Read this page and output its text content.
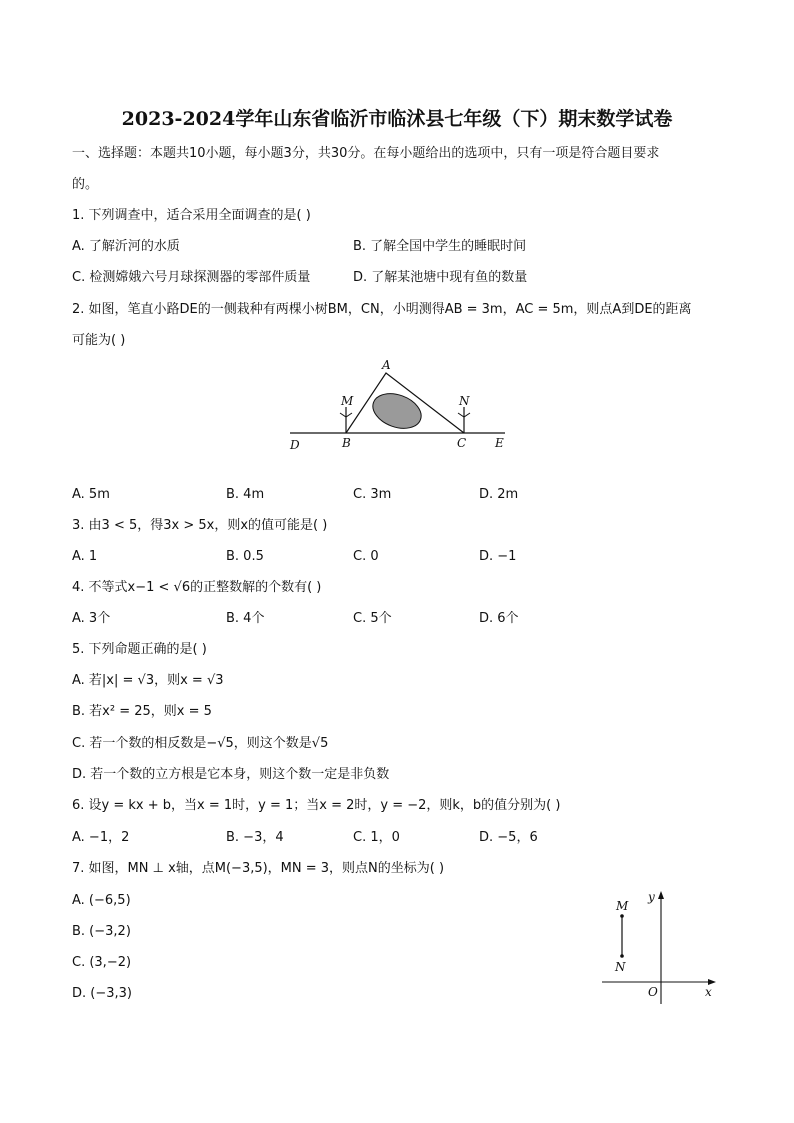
2023-2024学年山东省临沂市临沭县七年级（下）期末数学试卷
一、选择题：本题共10小题，每小题3分，共30分。在每小题给出的选项中，只有一项是符合题目要求
的。
1. 下列调查中，适合采用全面调查的是( )
A. 了解沂河的水质	B. 了解全国中学生的睡眠时间
C. 检测嫦娥六号月球探测器的零部件质量	D. 了解某池塘中现有鱼的数量
2. 如图，笔直小路DE的一侧栽种有两棵小树BM，CN，小明测得AB = 3m，AC = 5m，则点A到DE的距离
可能为( )
A
M	N
D	B	C E
A. 5m	B. 4m	C. 3m	D. 2m
3. 由3 < 5，得3x > 5x，则x的值可能是( )
A. 1	B. 0.5	C. 0	D. −1
4. 不等式x−1 < √6的正整数解的个数有( )
A. 3个	B. 4个	C. 5个	D. 6个
5. 下列命题正确的是( )
A. 若|x| = √3，则x = √3
B. 若x² = 25，则x = 5
C. 若一个数的相反数是−√5，则这个数是√5
D. 若一个数的立方根是它本身，则这个数一定是非负数
6. 设y = kx + b，当x = 1时，y = 1；当x = 2时，y = −2，则k，b的值分别为( )
A. −1，2	B. −3，4	C. 1，0	D. −5，6
7. 如图，MN ⊥ x轴，点M(−3,5)，MN = 3，则点N的坐标为( )
A. (−6,5)
B. (−3,2)
C. (3,−2)
D. (−3,3)
M
N
y
x
O
